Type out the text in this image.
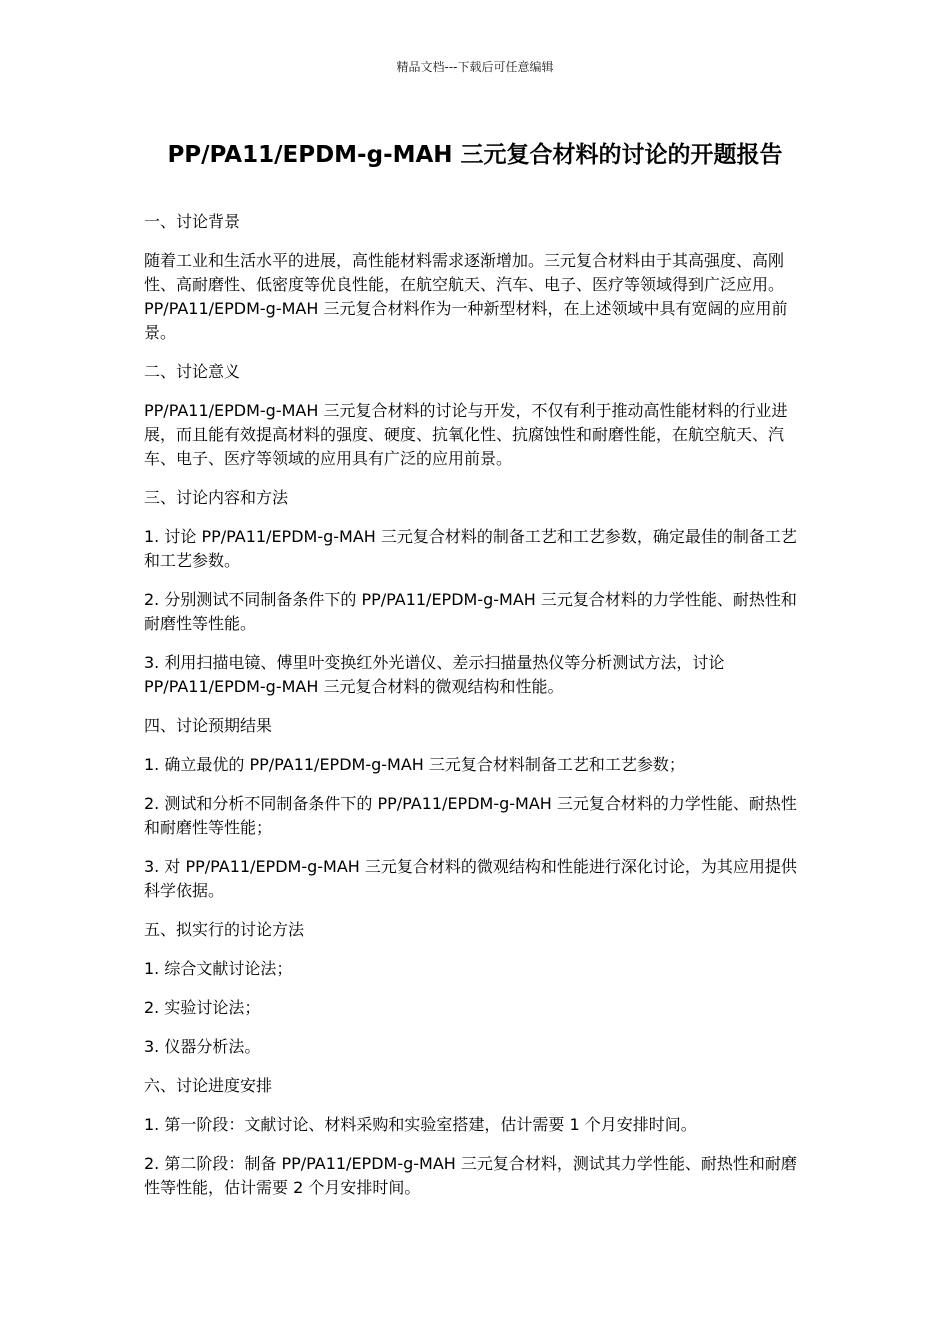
精品文档---下载后可任意编辑
PP/PA11/EPDM-g-MAH 三元复合材料的讨论的开题报告

一、讨论背景

随着工业和生活水平的进展，高性能材料需求逐渐增加。三元复合材料由于其高强度、高刚性、高耐磨性、低密度等优良性能，在航空航天、汽车、电子、医疗等领域得到广泛应用。PP/PA11/EPDM-g-MAH 三元复合材料作为一种新型材料，在上述领域中具有宽阔的应用前景。

二、讨论意义

PP/PA11/EPDM-g-MAH 三元复合材料的讨论与开发，不仅有利于推动高性能材料的行业进展，而且能有效提高材料的强度、硬度、抗氧化性、抗腐蚀性和耐磨性能，在航空航天、汽车、电子、医疗等领域的应用具有广泛的应用前景。

三、讨论内容和方法

1. 讨论 PP/PA11/EPDM-g-MAH 三元复合材料的制备工艺和工艺参数，确定最佳的制备工艺和工艺参数。

2. 分别测试不同制备条件下的 PP/PA11/EPDM-g-MAH 三元复合材料的力学性能、耐热性和耐磨性等性能。

3. 利用扫描电镜、傅里叶变换红外光谱仪、差示扫描量热仪等分析测试方法，讨论 PP/PA11/EPDM-g-MAH 三元复合材料的微观结构和性能。

四、讨论预期结果

1. 确立最优的 PP/PA11/EPDM-g-MAH 三元复合材料制备工艺和工艺参数；

2. 测试和分析不同制备条件下的 PP/PA11/EPDM-g-MAH 三元复合材料的力学性能、耐热性和耐磨性等性能；

3. 对 PP/PA11/EPDM-g-MAH 三元复合材料的微观结构和性能进行深化讨论，为其应用提供科学依据。

五、拟实行的讨论方法

1. 综合文献讨论法；

2. 实验讨论法；

3. 仪器分析法。

六、讨论进度安排

1. 第一阶段：文献讨论、材料采购和实验室搭建，估计需要 1 个月安排时间。

2. 第二阶段：制备 PP/PA11/EPDM-g-MAH 三元复合材料，测试其力学性能、耐热性和耐磨性等性能，估计需要 2 个月安排时间。
